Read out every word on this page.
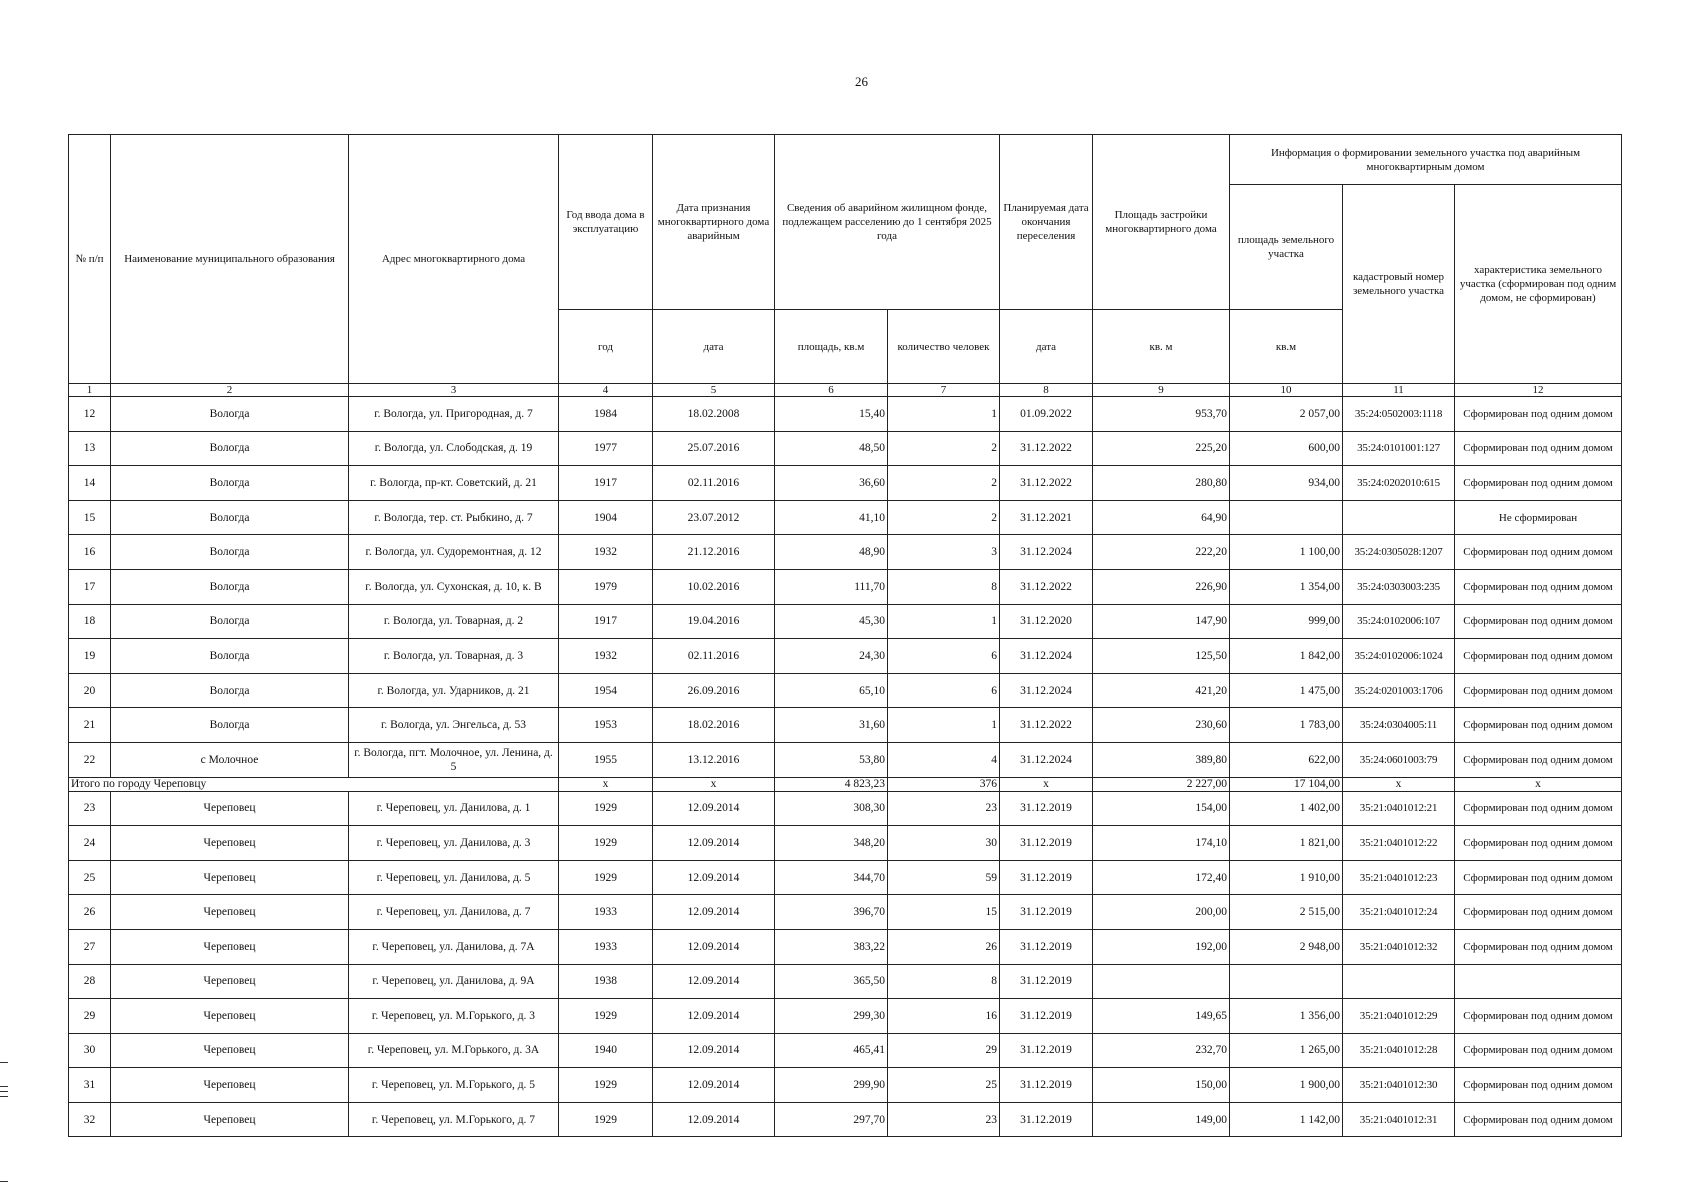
26
№ п/п	Наименование муниципального образования	Адрес многоквартирного дома	Год ввода дома в эксплуатацию	Дата признания многоквартирного дома аварийным	Сведения об аварийном жилищном фонде, подлежащем расселению до 1 сентября 2025 года		Планируемая дата окончания переселения	Площадь застройки многоквартирного дома	Информация о формировании земельного участка под аварийным многоквартирным домом		
									площадь земельного участка	кадастровый номер земельного участка	характеристика земельного участка (сформирован под одним домом, не сформирован)
			год	дата	площадь, кв.м	количество человек	дата	кв. м	кв.м		
1	2	3	4	5	6	7	8	9	10	11	12
12	Вологда	г. Вологда, ул. Пригородная, д. 7	1984	18.02.2008	15,40	1	01.09.2022	953,70	2 057,00	35:24:0502003:1118	Сформирован под одним домом
13	Вологда	г. Вологда, ул. Слободская, д. 19	1977	25.07.2016	48,50	2	31.12.2022	225,20	600,00	35:24:0101001:127	Сформирован под одним домом
14	Вологда	г. Вологда, пр-кт. Советский, д. 21	1917	02.11.2016	36,60	2	31.12.2022	280,80	934,00	35:24:0202010:615	Сформирован под одним домом
15	Вологда	г. Вологда, тер. ст. Рыбкино, д. 7	1904	23.07.2012	41,10	2	31.12.2021	64,90			Не сформирован
16	Вологда	г. Вологда, ул. Судоремонтная, д. 12	1932	21.12.2016	48,90	3	31.12.2024	222,20	1 100,00	35:24:0305028:1207	Сформирован под одним домом
17	Вологда	г. Вологда, ул. Сухонская, д. 10, к. В	1979	10.02.2016	111,70	8	31.12.2022	226,90	1 354,00	35:24:0303003:235	Сформирован под одним домом
18	Вологда	г. Вологда, ул. Товарная, д. 2	1917	19.04.2016	45,30	1	31.12.2020	147,90	999,00	35:24:0102006:107	Сформирован под одним домом
19	Вологда	г. Вологда, ул. Товарная, д. 3	1932	02.11.2016	24,30	6	31.12.2024	125,50	1 842,00	35:24:0102006:1024	Сформирован под одним домом
20	Вологда	г. Вологда, ул. Ударников, д. 21	1954	26.09.2016	65,10	6	31.12.2024	421,20	1 475,00	35:24:0201003:1706	Сформирован под одним домом
21	Вологда	г. Вологда, ул. Энгельса, д. 53	1953	18.02.2016	31,60	1	31.12.2022	230,60	1 783,00	35:24:0304005:11	Сформирован под одним домом
22	с Молочное	г. Вологда, пгт. Молочное, ул. Ленина, д. 5	1955	13.12.2016	53,80	4	31.12.2024	389,80	622,00	35:24:0601003:79	Сформирован под одним домом
Итого по городу Череповцу			x	x	4 823,23	376	x	2 227,00	17 104,00	x	x
23	Череповец	г. Череповец, ул. Данилова, д. 1	1929	12.09.2014	308,30	23	31.12.2019	154,00	1 402,00	35:21:0401012:21	Сформирован под одним домом
24	Череповец	г. Череповец, ул. Данилова, д. 3	1929	12.09.2014	348,20	30	31.12.2019	174,10	1 821,00	35:21:0401012:22	Сформирован под одним домом
25	Череповец	г. Череповец, ул. Данилова, д. 5	1929	12.09.2014	344,70	59	31.12.2019	172,40	1 910,00	35:21:0401012:23	Сформирован под одним домом
26	Череповец	г. Череповец, ул. Данилова, д. 7	1933	12.09.2014	396,70	15	31.12.2019	200,00	2 515,00	35:21:0401012:24	Сформирован под одним домом
27	Череповец	г. Череповец, ул. Данилова, д. 7А	1933	12.09.2014	383,22	26	31.12.2019	192,00	2 948,00	35:21:0401012:32	Сформирован под одним домом
28	Череповец	г. Череповец, ул. Данилова, д. 9А	1938	12.09.2014	365,50	8	31.12.2019				
29	Череповец	г. Череповец, ул. М.Горького, д. 3	1929	12.09.2014	299,30	16	31.12.2019	149,65	1 356,00	35:21:0401012:29	Сформирован под одним домом
30	Череповец	г. Череповец, ул. М.Горького, д. 3А	1940	12.09.2014	465,41	29	31.12.2019	232,70	1 265,00	35:21:0401012:28	Сформирован под одним домом
31	Череповец	г. Череповец, ул. М.Горького, д. 5	1929	12.09.2014	299,90	25	31.12.2019	150,00	1 900,00	35:21:0401012:30	Сформирован под одним домом
32	Череповец	г. Череповец, ул. М.Горького, д. 7	1929	12.09.2014	297,70	23	31.12.2019	149,00	1 142,00	35:21:0401012:31	Сформирован под одним домом
